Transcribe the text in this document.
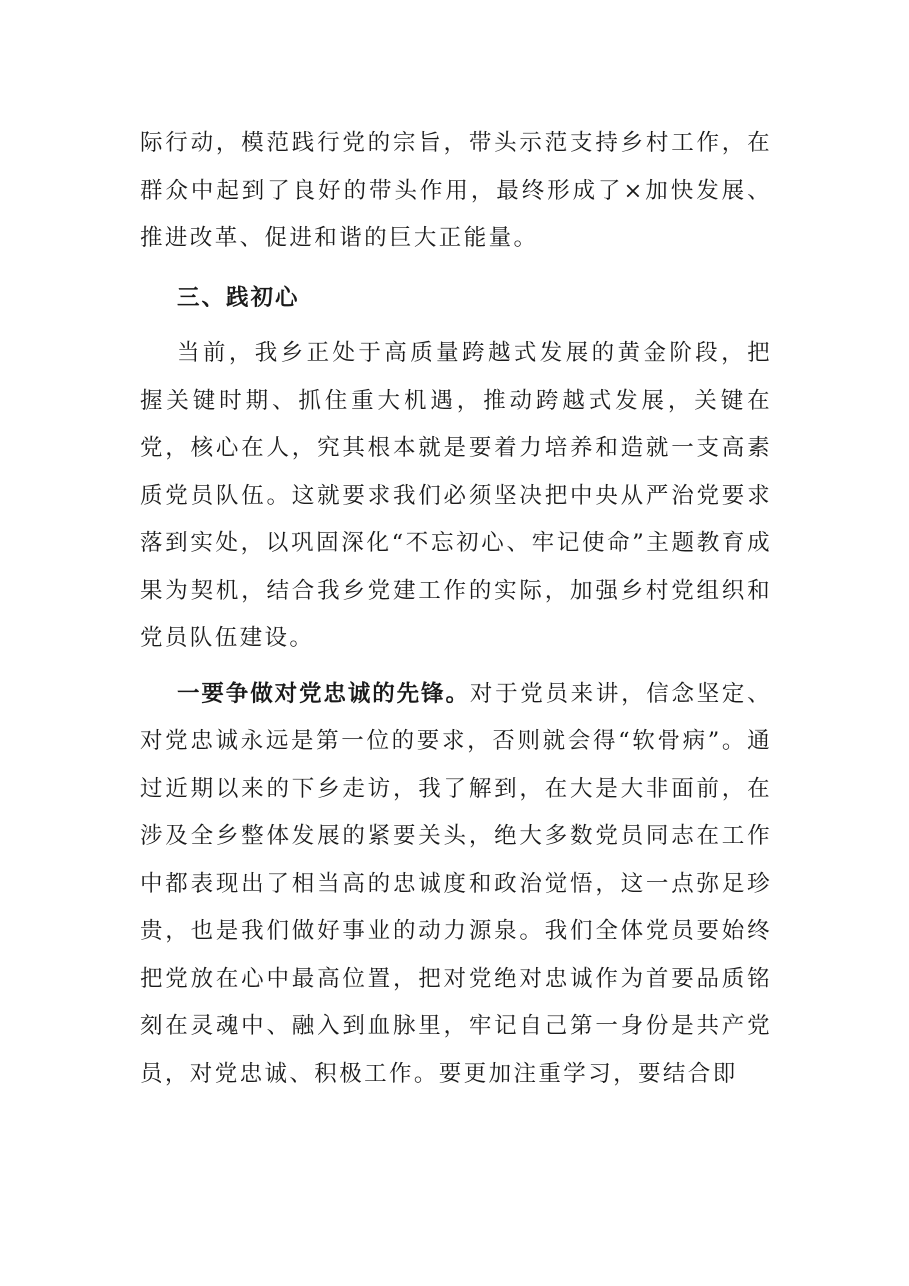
际行动，模范践行党的宗旨，带头示范支持乡村工作，在群众中起到了良好的带头作用，最终形成了×加快发展、推进改革、促进和谐的巨大正能量。

三、践初心

当前，我乡正处于高质量跨越式发展的黄金阶段，把握关键时期、抓住重大机遇，推动跨越式发展，关键在党，核心在人，究其根本就是要着力培养和造就一支高素质党员队伍。这就要求我们必须坚决把中央从严治党要求落到实处，以巩固深化“不忘初心、牢记使命”主题教育成果为契机，结合我乡党建工作的实际，加强乡村党组织和党员队伍建设。

一要争做对党忠诚的先锋。对于党员来讲，信念坚定、对党忠诚永远是第一位的要求，否则就会得“软骨病”。通过近期以来的下乡走访，我了解到，在大是大非面前，在涉及全乡整体发展的紧要关头，绝大多数党员同志在工作中都表现出了相当高的忠诚度和政治觉悟，这一点弥足珍贵，也是我们做好事业的动力源泉。我们全体党员要始终把党放在心中最高位置，把对党绝对忠诚作为首要品质铭刻在灵魂中、融入到血脉里，牢记自己第一身份是共产党员，对党忠诚、积极工作。要更加注重学习，要结合即
